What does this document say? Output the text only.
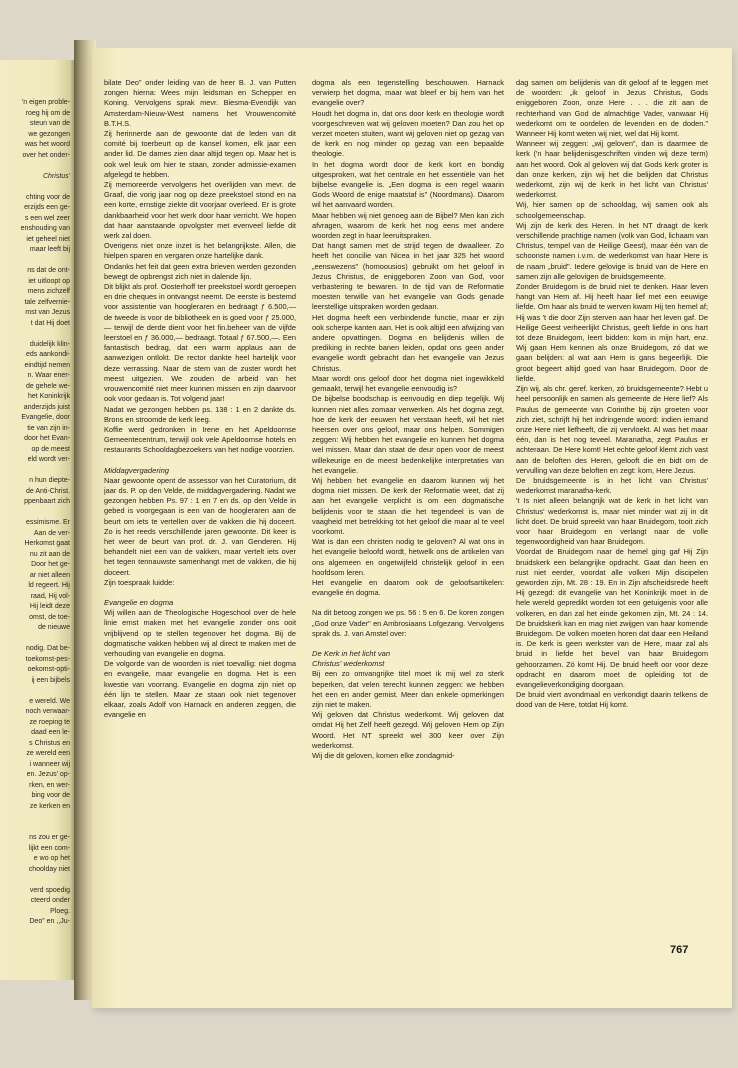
'n eigen proble-
roeg hij om de
steun van de
we gezongen
was het woord
over het onder-
Christus'
chting voor de
erzijds een ge-
s een wel zeer
enshouding van
iet geheel niet
maar leeft bij
ns dat de ont-
iet uitloopt op
mens zichzelf
tale zelfvernie-
mst van Jezus
t dat Hij doet
duidelijk klin-
eds aankondi-
eindtijd nemen
n. Waar ener-
de gehele we-
het Koninkrijk
anderzijds juist
Evangelie, door
tie van zijn in-
door het Evan-
op de meest
eld wordt ver-
n hun diepte-
de Anti-Christ.
ppenbaart zich
essimisme. Er
Aan de ver-
Herkomst gaat
nu zit aan de
Door het ge-
ar niet alleen
ld regeert. Hij
raad, Hij vol-
Hij leidt deze
omst, de toe-
de nieuwe
nodig. Dat be-
toekomst-pes-
oekomst-opti-
ij een bijbels
e wereld. We
noch verwaar-
ze roeping te
daad een le-
s Christus en
ze wereld een
i wanneer wij
en. Jezus' op-
rken, en wer-
bing voor de
ze kerken en
ns zou er ge-
lijkt een com-
e wo op het
choolday niet
verd spoedig
cteerd onder
Ploeg.
Deo" en ,,Ju-

bilate Deo" onder leiding van de heer B. J. van Putten zongen hierna: Wees mijn leidsman en Schepper en Koning. Vervolgens sprak mevr. Biesma-Evendijk van Amsterdam-Nieuw-West namens het Vrouwencomité B.T.H.S.

Zij herinnerde aan de gewoonte dat de leden van dit comité bij toerbeurt op de kansel komen, elk jaar een ander lid. De dames zien daar altijd tegen op. Maar het is ook wel leuk om hier te staan, zonder admissie-examen afgelegd te hebben.

Zij memoreerde vervolgens het overlijden van mevr. de Graaf, die vorig jaar nog op deze preekstoel stond en na een korte, ernstige ziekte dit voorjaar overleed. Er is grote dankbaarheid voor het werk door haar verricht. We hopen dat haar aanstaande opvolgster met evenveel liefde dit werk zal doen.

Overigens niet onze inzet is het belangrijkste. Allen, die hielpen sparen en vergaren onze hartelijke dank.

Ondanks het feit dat geen extra brieven werden gezonden bewegt de opbrengst zich niet in dalende lijn.

Dit blijkt als prof. Oosterhoff ter preekstoel wordt geroepen en drie cheques in ontvangst neemt. De eerste is bestemd voor assistentie van hoogleraren en bedraagt ƒ 6.500,— de tweede is voor de bibliotheek en is goed voor ƒ 25.000,— terwijl de derde dient voor het fin.beheer van de vijfde leerstoel en ƒ 36.000,— bedraagt. Totaal ƒ 67.500,—. Een fantastisch bedrag, dat een warm applaus aan de aanwezigen ontlokt. De rector dankte heel hartelijk voor deze verrassing. Naar de stem van de zuster wordt het meest uitgezien. We zouden de arbeid van het vrouwencomité niet meer kunnen missen en zijn daarvoor ook voor gedaan is. Tot volgend jaar!

Nadat we gezongen hebben ps. 138 : 1 en 2 dankte ds. Brons en stroomde de kerk leeg.

Koffie werd gedronken in Irene en het Apeldoornse Gemeentecentrum, terwijl ook vele Apeldoornse hotels en restaurants Schooldagbezoekers van het nodige voorzien.

Middagvergadering

Naar gewoonte opent de assessor van het Curatorium, dit jaar ds. P. op den Velde, de middagvergadering. Nadat we gezongen hebben Ps. 97 : 1 en 7 en ds. op den Velde in gebed is voorgegaan is een van de hoogleraren aan de beurt om iets te vertellen over de vakken die hij doceert. Zo is het reeds verschillende jaren gewoonte. Dit keer is het weer de beurt van prof. dr. J. van Genderen. Hij behandelt niet een van de vakken, maar vertelt iets over het tegen tennauwste samenhangt met de vakken, die hij doceert.

Zijn toespraak luidde:

Evangelie en dogma

Wij willen aan de Theologische Hogeschool over de hele linie ernst maken met het evangelie zonder ons ooit vrijblijvend op te stellen tegenover het dogma. Bij de dogmatische vakken hebben wij al direct te maken met de verhouding van evangelie en dogma.

De volgorde van de woorden is niet toevallig: niet dogma en evangelie, maar evangelie en dogma. Het is een kwestie van voorrang. Evangelie en dogma zijn niet op één lijn te stellen. Maar ze staan ook niet tegenover elkaar, zoals Adolf von Harnack en anderen zeggen, die evangelie en

dogma als een tegenstelling beschouwen. Harnack verwierp het dogma, maar wat bleef er bij hem van het evangelie over?

Houdt het dogma in, dat ons door kerk en theologie wordt voorgeschreven wat wij geloven moeten? Dan zou het op verzet moeten stuiten, want wij geloven niet op gezag van de kerk en nog minder op gezag van een bepaalde theologie.

In het dogma wordt door de kerk kort en bondig uitgesproken, wat het centrale en het essentiële van het bijbelse evangelie is. „Een dogma is een regel waarin Gods Woord de enige maatstaf is" (Noordmans). Daarom wil het aanvaard worden.

Maar hebben wij niet genoeg aan de Bijbel? Men kan zich afvragen, waarom de kerk het nog eens met andere woorden zegt in haar leeruitspraken.

Dat hangt samen met de strijd tegen de dwaalleer. Zo heeft het concilie van Nicea in het jaar 325 het woord „eenswezens" (homoousios) gebruikt om het geloof in Jezus Christus, de eniggeboren Zoon van God, voor verbastering te bewaren. In de tijd van de Reformatie moesten terwille van het evangelie van Gods genade leerstellige uitspraken worden gedaan.

Het dogma heeft een verbindende functie, maar er zijn ook scherpe kanten aan. Het is ook altijd een afwijzing van andere opvattingen. Dogma en belijdenis willen de prediking in rechte banen leiden, opdat ons geen ander evangelie wordt gebracht dan het evangelie van Jezus Christus.

Maar wordt ons geloof door het dogma niet ingewikkeld gemaakt, terwijl het evangelie eenvoudig is?

De bijbelse boodschap is eenvoudig en diep tegelijk. Wij kunnen niet alles zomaar verwerken. Als het dogma zegt, hoe de kerk der eeuwen het verstaan heeft, wil het niet heersen over ons geloof, maar ons helpen. Sommigen zeggen: Wij hebben het evangelie en kunnen het dogma wel missen. Maar dan staat de deur open voor de meest willekeurige en de meest bedenkelijke interpretaties van het evangelie.

Wij hebben het evangelie en daarom kunnen wij het dogma niet missen. De kerk der Reformatie weet, dat zij aan het evangelie verplicht is om een dogmatische belijdenis voor te staan die het tegendeel is van de vaagheid met betrekking tot het geloof die maar al te veel voorkomt.

Wat is dan een christen nodig te geloven? Al wat ons in het evangelie beloofd wordt, hetwelk ons de artikelen van ons algemeen en ongetwijfeld christelijk geloof in een hoofdsom leren.

Het evangelie en daarom ook de geloofsartikelen: evangelie én dogma.

Na dit betoog zongen we ps. 56 : 5 en 6. De koren zongen „God onze Vader" en Ambrosiaans Lofgezang. Vervolgens sprak ds. J. van Amstel over:

De Kerk in het licht van
Christus' wederkomst

Bij een zo omvangrijke titel moet ik mij wel zo sterk beperken, dat velen terecht kunnen zeggen: we hebben het een en ander gemist. Meer dan enkele opmerkingen zijn niet te maken.

Wij geloven dat Christus wederkomt. Wij geloven dat omdat Hij het Zelf heeft gezegd. Wij geloven Hem op Zijn Woord. Het NT spreekt wel 300 keer over Zijn wederkomst.

Wij die dit geloven, komen elke zondagmid-

dag samen om belijdenis van dit geloof af te leggen met de woorden: „ik geloof in Jezus Christus, Gods eniggeboren Zoon, onze Here . . . die zit aan de rechterhand van God de almachtige Vader, vanwaar Hij wederkomt om te oordelen de levenden en de doden." Wanneer Hij komt weten wij niet, wel dat Hij komt.

Wanneer wij zeggen: „wij geloven", dan is daarmee de kerk ('n haar belijdenisgeschriften vinden wij deze term) aan het woord. Ook al geloven wij dat Gods kerk groter is dan onze kerken, zijn wij het die belijden dat Christus wederkomt, zijn wij de kerk in het licht van Christus' wederkomst.

Wij, hier samen op de schooldag, wij samen ook als schoolgemeenschap.

Wij zijn de kerk des Heren. In het NT draagt de kerk verschillende prachtige namen (volk van God, lichaam van Christus, tempel van de Heilige Geest), maar één van de schoonste namen i.v.m. de wederkomst van haar Here is de naam „bruid". Iedere gelovige is bruid van de Here en samen zijn alle gelovigen de bruidsgemeente.

Zonder Bruidegom is de bruid niet te denken. Haar leven hangt van Hem af. Hij heeft haar lief met een eeuwige liefde. Om haar als bruid te werven kwam Hij ten hemel af; Hij was 't die door Zijn sterven aan haar het leven gaf. De Heilige Geest verheerlijkt Christus, geeft liefde in ons hart tot deze Bruidegom, leert bidden: kom in mijn hart, enz. Wij gaan Hem kennen als onze Bruidegom, zó dat we gaan belijden: al wat aan Hem is gans begeerlijk. Die groot begeert altijd goed van haar Bruidegom. Door de liefde.

Zijn wij, als chr. geref. kerken, zó bruidsgemeente? Hebt u heel persoonlijk en samen als gemeente de Here lief? Als Paulus de gemeente van Corinthe bij zijn groeten voor zich ziet, schrijft hij het indringende woord: indien iemand onze Here niet liefheeft, die zij vervloekt. Al was het maar één, dan is het nog teveel. Maranatha, zegt Paulus er achteraan. De Here komt! Het echte geloof klemt zich vast aan de beloften des Heren, gelooft die en bidt om de vervulling van deze beloften en zegt: kom, Here Jezus.

De bruidsgemeente is in het licht van Christus' wederkomst maranatha-kerk.

't Is niet alleen belangrijk wat de kerk in het licht van Christus' wederkomst is, maar niet minder wat zij in dit licht doet. De bruid spreekt van haar Bruidegom, tooit zich voor haar Bruidegom en verlangt naar de volle tegenwoordigheid van haar Bruidegom.

Voordat de Bruidegom naar de hemel ging gaf Hij Zijn bruidskerk een belangrijke opdracht. Gaat dan heen en rust niet eerder, voordat alle volken Mijn discipelen geworden zijn, Mt. 28 : 19. En in Zijn afscheidsrede heeft Hij gezegd: dit evangelie van het Koninkrijk moet in de hele wereld gepredikt worden tot een getuigenis voor alle volkeren, en dan zal het einde gekomen zijn, Mt. 24 : 14. De bruidskerk kan en mag niet zwijgen van haar komende Bruidegom. De volken moeten horen dat daar een Heiland is. De kerk is geen werkster van de Here, maar zal als bruid in liefde het bevel van haar Bruidegom gehoorzamen. Zó komt Hij. De bruid heeft oor voor deze opdracht en daarom moet de opleiding tot de evangelieverkondiging doorgaan.

De bruid viert avondmaal en verkondigt daarin telkens de dood van de Here, totdat Hij komt.

767
